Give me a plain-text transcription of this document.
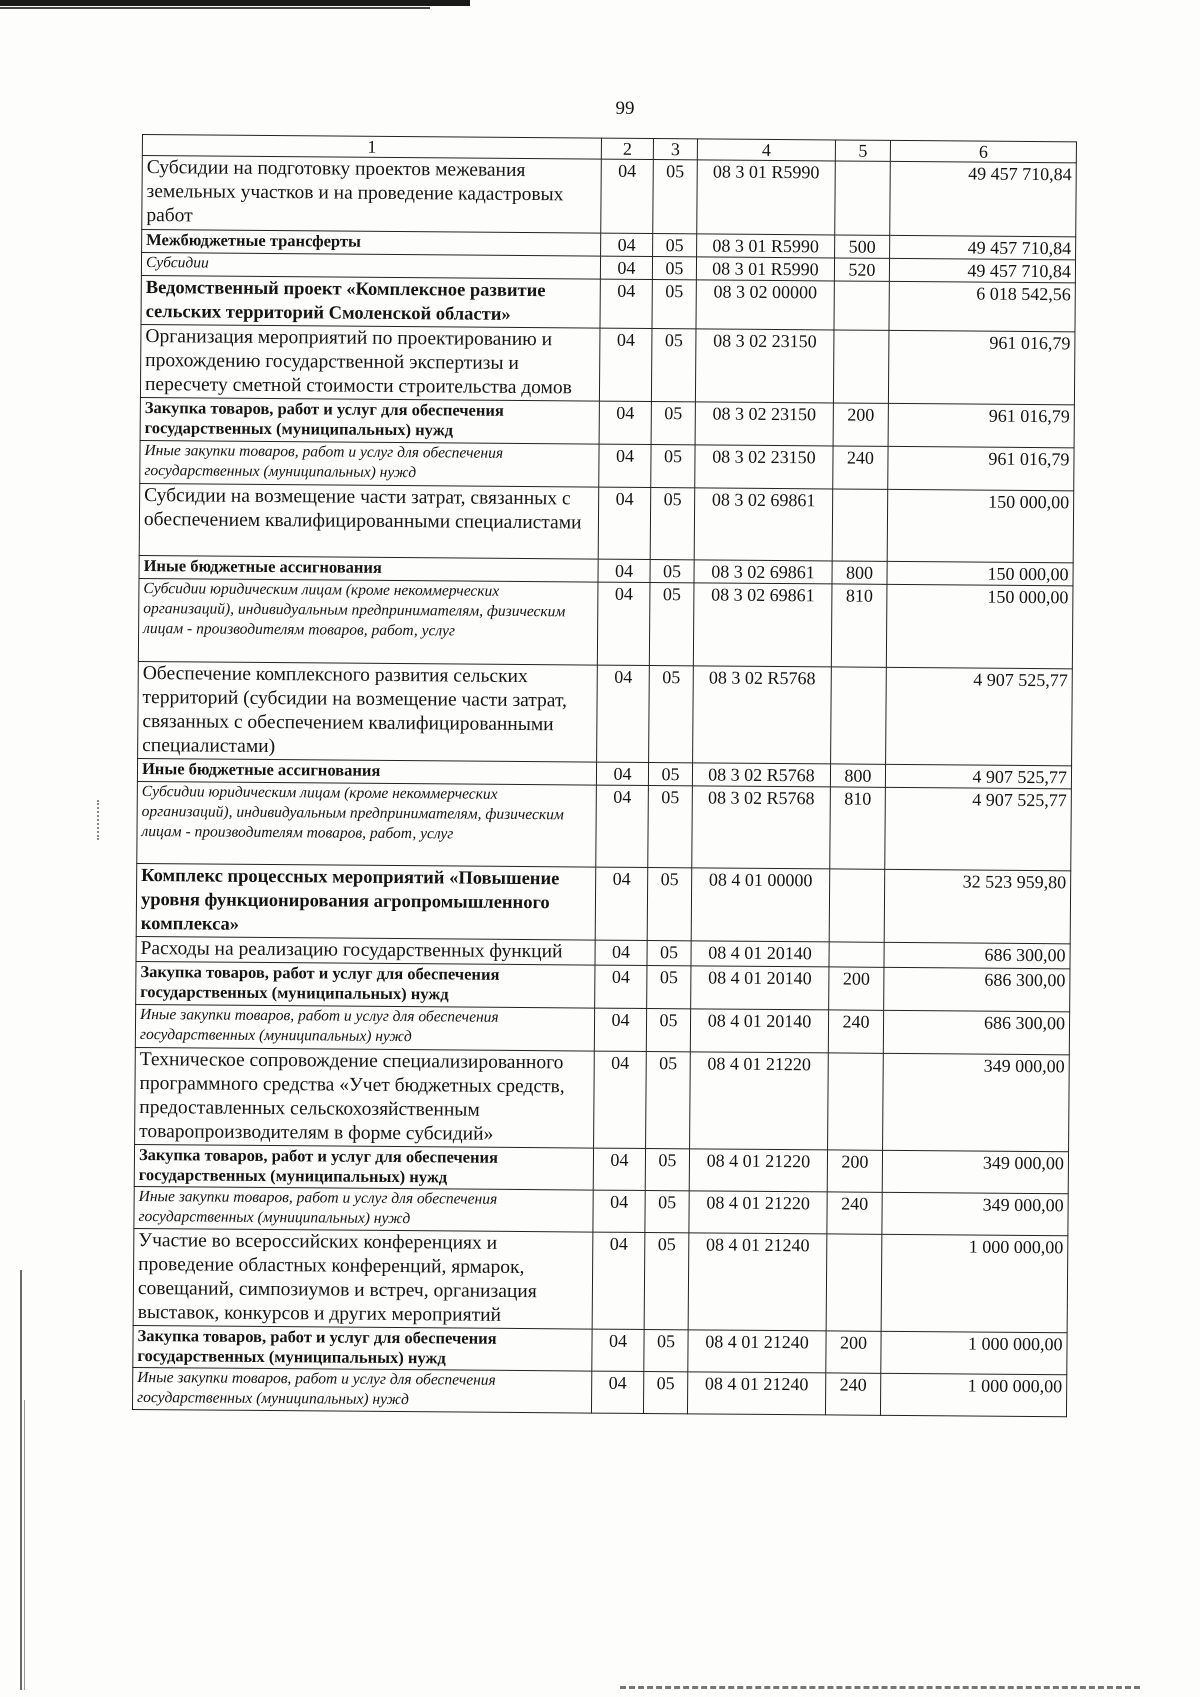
99
1	2	3	4	5	6
Субсидии на подготовку проектов межевания земельных участков и на проведение кадастровых работ	04	05	08 3 01 R5990		49 457 710,84
Межбюджетные трансферты	04	05	08 3 01 R5990	500	49 457 710,84
Субсидии	04	05	08 3 01 R5990	520	49 457 710,84
Ведомственный проект «Комплексное развитие сельских территорий Смоленской области»	04	05	08 3 02 00000		6 018 542,56
Организация мероприятий по проектированию и прохождению государственной экспертизы и пересчету сметной стоимости строительства домов	04	05	08 3 02 23150		961 016,79
Закупка товаров, работ и услуг для обеспечения государственных (муниципальных) нужд	04	05	08 3 02 23150	200	961 016,79
Иные закупки товаров, работ и услуг для обеспечения государственных (муниципальных) нужд	04	05	08 3 02 23150	240	961 016,79
Субсидии на возмещение части затрат, связанных с обеспечением квалифицированными специалистами	04	05	08 3 02 69861		150 000,00
Иные бюджетные ассигнования	04	05	08 3 02 69861	800	150 000,00
Субсидии юридическим лицам (кроме некоммерческих организаций), индивидуальным предпринимателям, физическим лицам - производителям товаров, работ, услуг	04	05	08 3 02 69861	810	150 000,00
Обеспечение комплексного развития сельских территорий (субсидии на возмещение части затрат, связанных с обеспечением квалифицированными специалистами)	04	05	08 3 02 R5768		4 907 525,77
Иные бюджетные ассигнования	04	05	08 3 02 R5768	800	4 907 525,77
Субсидии юридическим лицам (кроме некоммерческих организаций), индивидуальным предпринимателям, физическим лицам - производителям товаров, работ, услуг	04	05	08 3 02 R5768	810	4 907 525,77
Комплекс процессных мероприятий «Повышение уровня функционирования агропромышленного комплекса»	04	05	08 4 01 00000		32 523 959,80
Расходы на реализацию государственных функций	04	05	08 4 01 20140		686 300,00
Закупка товаров, работ и услуг для обеспечения государственных (муниципальных) нужд	04	05	08 4 01 20140	200	686 300,00
Иные закупки товаров, работ и услуг для обеспечения государственных (муниципальных) нужд	04	05	08 4 01 20140	240	686 300,00
Техническое сопровождение специализированного программного средства «Учет бюджетных средств, предоставленных сельскохозяйственным товаропроизводителям в форме субсидий»	04	05	08 4 01 21220		349 000,00
Закупка товаров, работ и услуг для обеспечения государственных (муниципальных) нужд	04	05	08 4 01 21220	200	349 000,00
Иные закупки товаров, работ и услуг для обеспечения государственных (муниципальных) нужд	04	05	08 4 01 21220	240	349 000,00
Участие во всероссийских конференциях и проведение областных конференций, ярмарок, совещаний, симпозиумов и встреч, организация выставок, конкурсов и других мероприятий	04	05	08 4 01 21240		1 000 000,00
Закупка товаров, работ и услуг для обеспечения государственных (муниципальных) нужд	04	05	08 4 01 21240	200	1 000 000,00
Иные закупки товаров, работ и услуг для обеспечения государственных (муниципальных) нужд	04	05	08 4 01 21240	240	1 000 000,00
